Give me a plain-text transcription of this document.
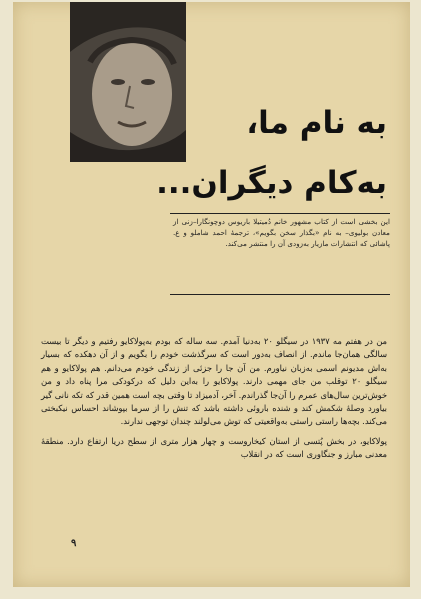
به نام ما،
به‌کام دیگران...
این بخشی است از کتاب مشهور خانم دُمیتیلا باریوس دوچونگارا–زنی از معادن بولیوی– به نام «بگذار سخن بگویم»، ترجمهٔ احمد شاملو و ع. پاشائی که انتشارات مازیار به‌زودی آن را منتشر می‌کند.

من در هفتم مه ۱۹۳۷ در سیگلو ۲۰ به‌دنیا آمدم. سه ساله که بودم به‌پولاکایو رفتیم و دیگر تا بیست سالگی همان‌جا ماندم. از انصاف به‌دور است که سرگذشت خودم را بگویم و از آن دهکده که بسیار به‌اش مدیونم اسمی به‌زبان نیاورم. من آن جا را جزئی از زندگی خودم می‌دانم. هم پولاکایو و هم سیگلو ۲۰ توقلب من جای مهمی دارند. پولاکایو را به‌این دلیل که درکودکی مرا پناه داد و من خوش‌ترین سال‌های عمرم را آن‌جا گذراندم. آخر، آدمیزاد تا وقتی بچه است همین قدر که تکه نانی گیر بیاورد وصلهٔ شکمش کند و شنده باروئی داشته باشد که تنش را از سرما بپوشاند احساس نیکبختی می‌کند. بچه‌ها راستی راستی به‌واقعیتی که توش می‌لولند چندان توجهی ندارند.

پولاکایو، در بخش پُتسی از استان کیخاروست و چهار هزار متری از سطح دریا ارتفاع دارد. منطقهٔ معدنی مبارز و جنگاوری است که در انقلاب

۹
